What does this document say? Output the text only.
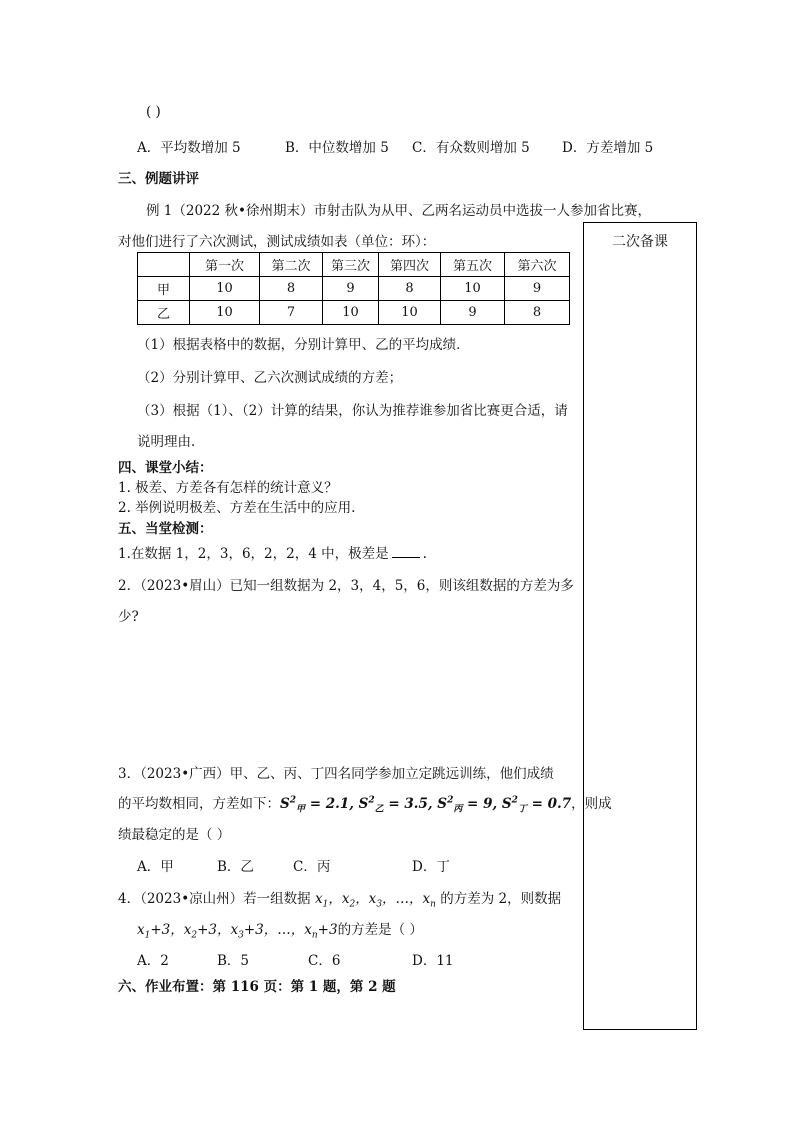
( )
A．平均数增加 5	B．中位数增加 5 C．有众数则增加 5 D．方差增加 5
三、例题讲评
例 1（2022 秋•徐州期末）市射击队为从甲、乙两名运动员中选拔一人参加省比赛，
对他们进行了六次测试，测试成绩如表（单位：环）：	二次备课
	第一次	第二次	第三次	第四次	第五次	第六次
甲	10	8	9	8	10	9
乙	10	7	10	10	9	8
（1）根据表格中的数据，分别计算甲、乙的平均成绩．
（2）分别计算甲、乙六次测试成绩的方差；
（3）根据（1）、（2）计算的结果，你认为推荐谁参加省比赛更合适，请
说明理由．
四、课堂小结：
1. 极差、方差各有怎样的统计意义？
2. 举例说明极差、方差在生活中的应用.
五、当堂检测：
1.在数据 1，2，3，6，2，2，4 中，极差是	.
2．（2023•眉山）已知一组数据为 2，3，4，5，6，则该组数据的方差为多
少?
3．（2023•广西）甲、乙、丙、丁四名同学参加立定跳远训练，他们成绩
的平均数相同，方差如下：$S^2_甲 = 2.1$, $S^2_乙 = 3.5$, $S^2_丙 = 9$, $S^2_丁 = 0.7$，则成
绩最稳定的是（ ）
A．甲	B．乙	C．丙	D．丁
4．（2023•凉山州）若一组数据 $x_1$，$x_2$，$x_3$，…，$x_n$ 的方差为 2，则数据
$x_1+3$，$x_2+3$，$x_3+3$，…，$x_n+3$的方差是（ ）
A．2	B．5	C．6	D．11
六、作业布置：第 116 页：第 1 题，第 2 题
